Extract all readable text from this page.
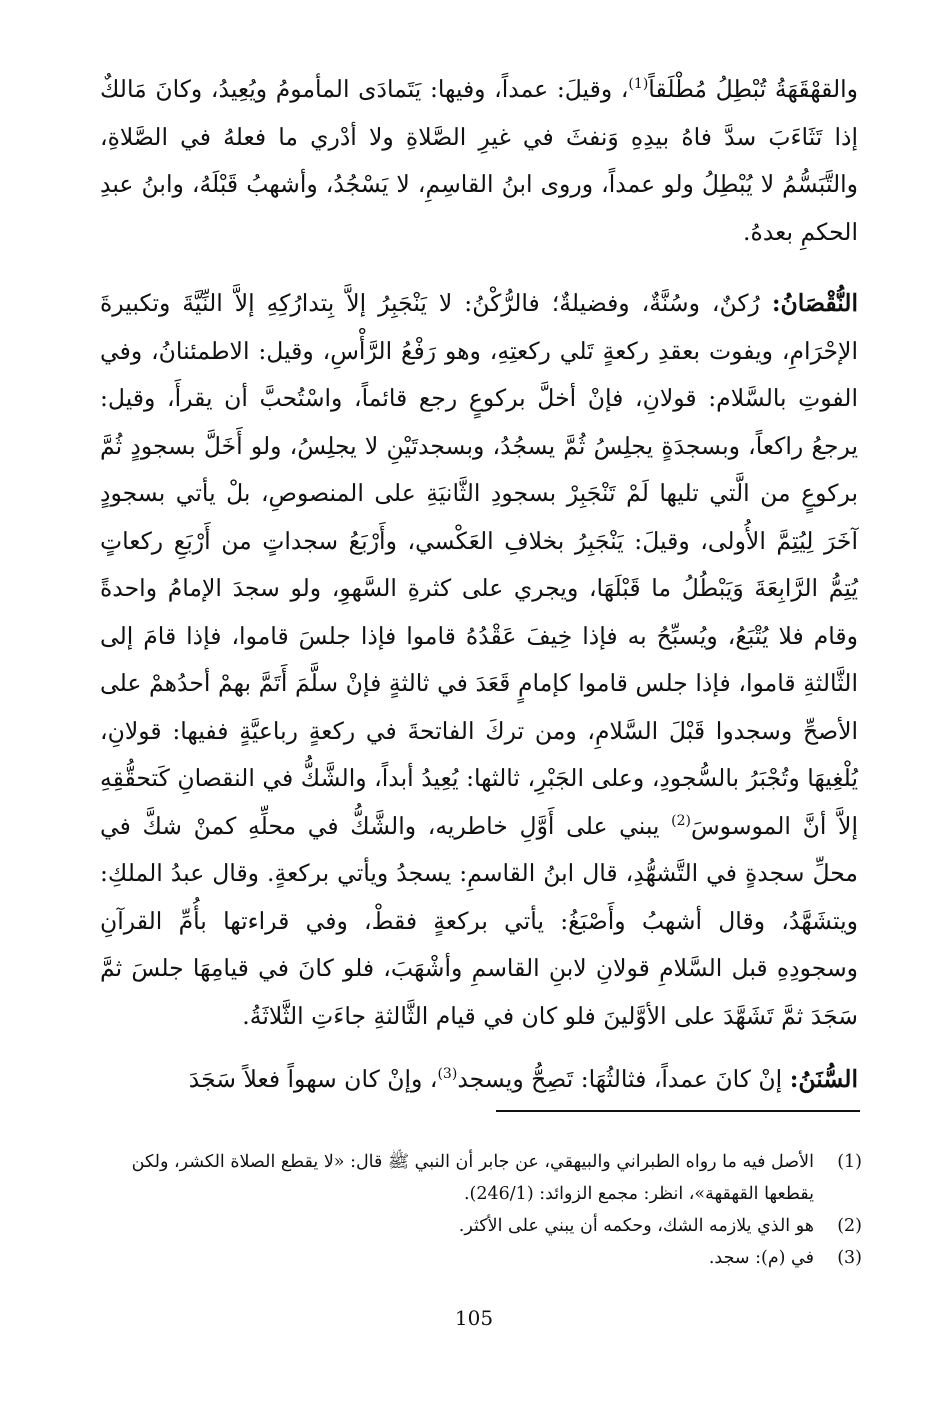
والقهْقَهَةُ تُبْطِلُ مُطْلَقاً$^{(1)}$، وقيلَ: عمداً، وفيها: يَتَمادَى المأمومُ ويُعِيدُ، وكانَ مَالكٌ إذا تَثَاءَبَ سدَّ فاهُ بيدِهِ وَنفثَ في غيرِ الصَّلاةِ ولا أدْري ما فعلهُ في الصَّلاةِ، والتَّبَسُّمُ لا يُبْطِلُ ولو عمداً، وروى ابنُ القاسِمِ، لا يَسْجُدُ، وأشهبُ قَبْلَهُ، وابنُ عبدِ الحكمِ بعدهُ.

النُّقْصَانُ: رُكنٌ، وسُنَّةٌ، وفضيلةٌ؛ فالرُّكْنُ: لا يَنْجَبِرُ إلاَّ بِتدارُكِهِ إلاَّ النِّيَّةَ وتكبيرةَ الإحْرَامِ، ويفوت بعقدِ ركعةٍ تَلي ركعتِهِ، وهو رَفْعُ الرَّأْسِ، وقيل: الاطمئنانُ، وفي الفوتِ بالسَّلام: قولانِ، فإنْ أخلَّ بركوعٍ رجع قائماً، واسْتُحبَّ أن يقرأَ، وقيل: يرجعُ راكعاً، وبسجدَةٍ يجلِسُ ثُمَّ يسجُدُ، وبسجدتَيْنِ لا يجلِسُ، ولو أَخَلَّ بسجودٍ ثُمَّ بركوعٍ من الَّتي تليها لَمْ تَنْجَبِرْ بسجودِ الثَّانيَةِ على المنصوصِ، بلْ يأتي بسجودٍ آخَرَ لِيُتِمَّ الأُولى، وقيلَ: يَنْجَبِرُ بخلافِ العَكْسي، وأَرْبَعُ سجداتٍ من أَرْبَعِ ركعاتٍ يُتِمُّ الرَّابِعَةَ وَيَبْطُلُ ما قَبْلَهَا، ويجري على كثرةِ السَّهوِ، ولو سجدَ الإمامُ واحدةً وقام فلا يُتْبَعُ، ويُسبِّحُ به فإذا خِيفَ عَقْدُهُ قاموا فإذا جلسَ قاموا، فإذا قامَ إلى الثَّالثةِ قاموا، فإذا جلس قاموا كإمامٍ قَعَدَ في ثالثةٍ فإنْ سلَّمَ أَتَمَّ بهمْ أحدُهمْ على الأصحِّ وسجدوا قَبْلَ السَّلامِ، ومن تركَ الفاتحةَ في ركعةٍ رباعيَّةٍ ففيها: قولانِ، يُلْغِيهَا وتُجْبَرُ بالسُّجودِ، وعلى الجَبْرِ، ثالثها: يُعِيدُ أبداً، والشَّكُّ في النقصانِ كَتحقُّقِهِ إلاَّ أنَّ الموسوسَ$^{(2)}$ يبني على أَوَّلِ خاطريه، والشَّكُّ في محلِّهِ كمنْ شكَّ في محلِّ سجدةٍ في التَّشهُّدِ، قال ابنُ القاسمِ: يسجدُ ويأتي بركعةٍ. وقال عبدُ الملكِ: ويتشَهَّدُ، وقال أشهبُ وأَصْبَغُ: يأتي بركعةٍ فقطْ، وفي قراءتها بأُمِّ القرآنِ وسجودِهِ قبل السَّلامِ قولانِ لابنِ القاسمِ وأشْهَبَ، فلو كانَ في قيامِهَا جلسَ ثمَّ سَجَدَ ثمَّ تَشَهَّدَ على الأوَّلينَ فلو كان في قيام الثَّالثةِ جاءَتِ الثَّلاثَةُ.

السُّنَنُ: إنْ كانَ عمداً، فثالثُهَا: تَصِحُّ ويسجد$^{(3)}$، وإنْ كان سهواً فعلاً سَجَدَ

(1)
الأصل فيه ما رواه الطبراني والبيهقي، عن جابر أن النبي ﷺ قال: «لا يقطع الصلاة الكشر، ولكن يقطعها القهقهة»، انظر: مجمع الزوائد: (246/1).
(2)
هو الذي يلازمه الشك، وحكمه أن يبني على الأكثر.
(3)
في (م): سجد.
105
